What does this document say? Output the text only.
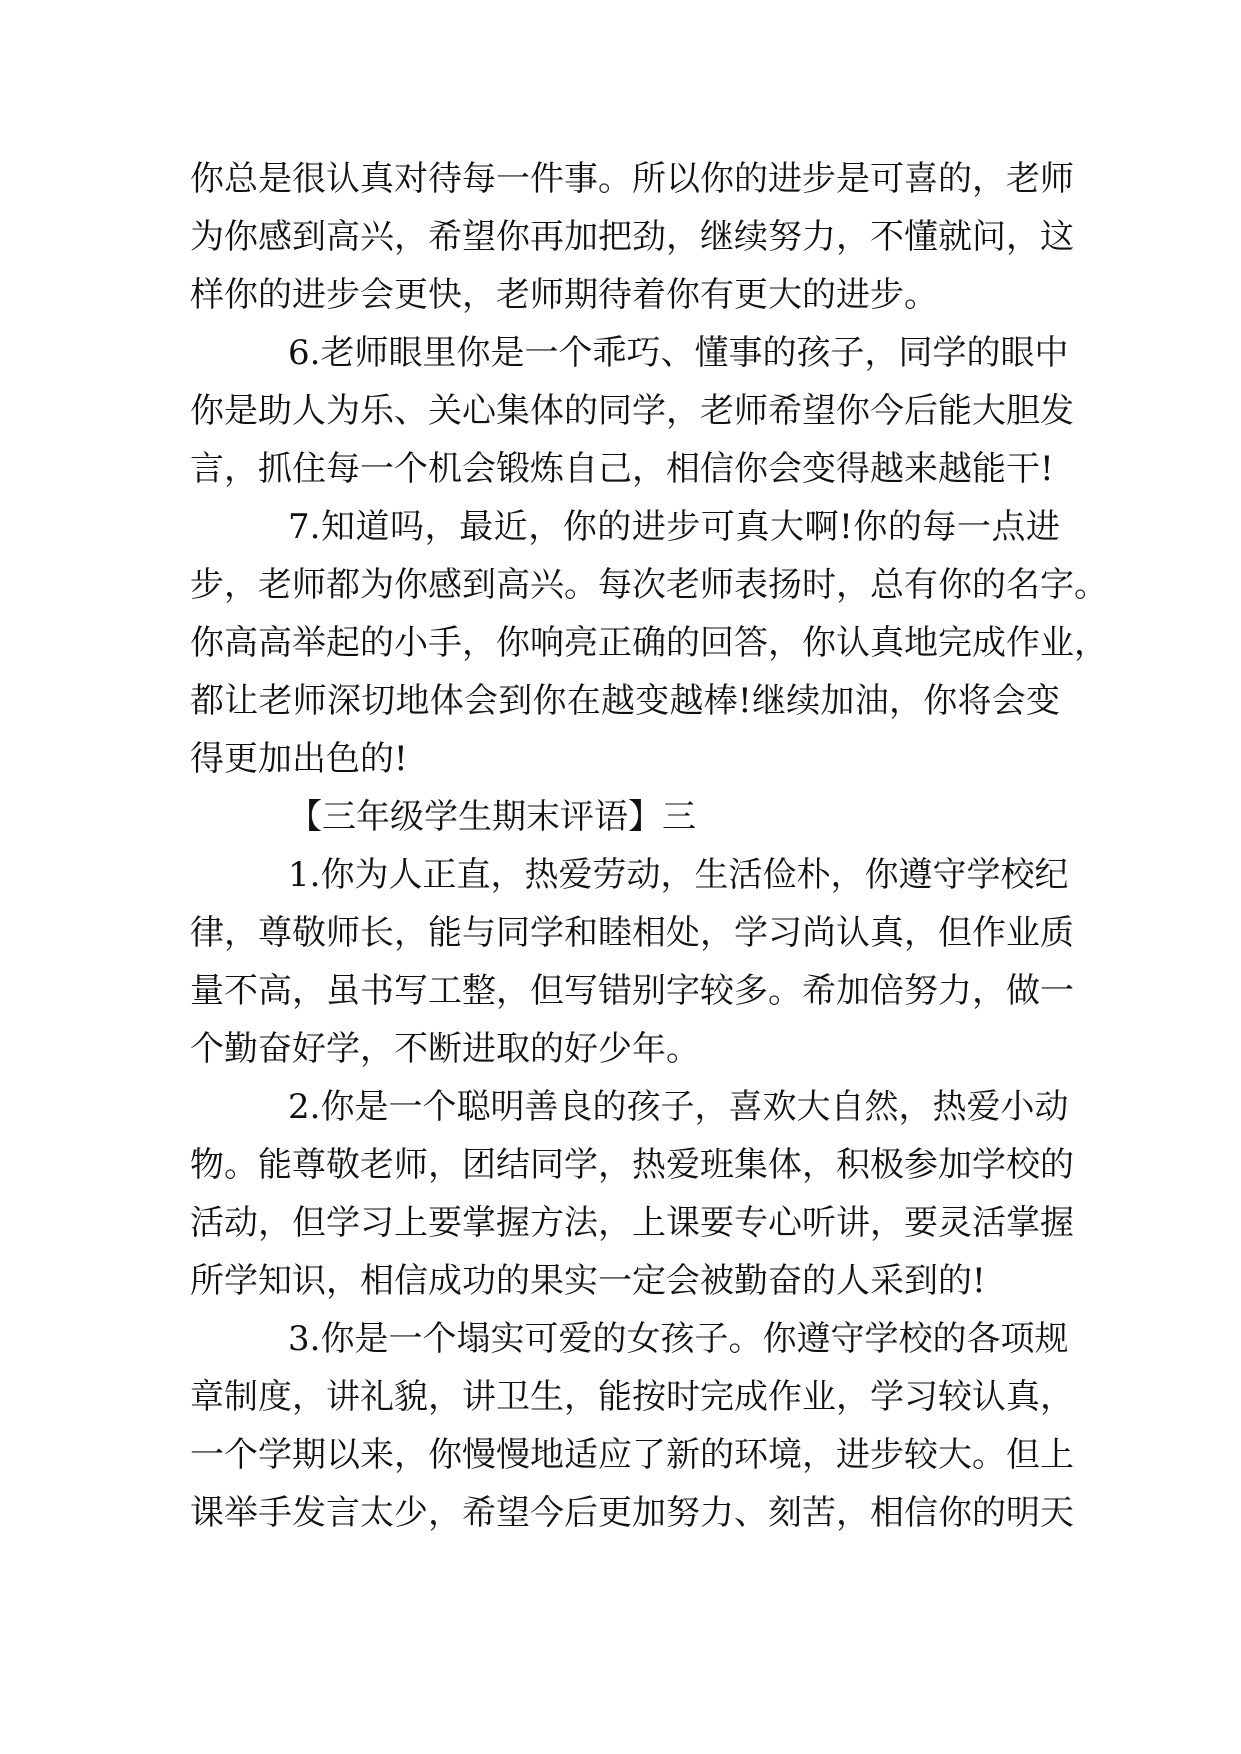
你总是很认真对待每一件事。所以你的进步是可喜的，老师
为你感到高兴，希望你再加把劲，继续努力，不懂就问，这
样你的进步会更快，老师期待着你有更大的进步。
6.老师眼里你是一个乖巧、懂事的孩子，同学的眼中
你是助人为乐、关心集体的同学，老师希望你今后能大胆发
言，抓住每一个机会锻炼自己，相信你会变得越来越能干!
7.知道吗，最近，你的进步可真大啊!你的每一点进
步，老师都为你感到高兴。每次老师表扬时，总有你的名字。
你高高举起的小手，你响亮正确的回答，你认真地完成作业，
都让老师深切地体会到你在越变越棒!继续加油，你将会变
得更加出色的!
【三年级学生期末评语】三
1.你为人正直，热爱劳动，生活俭朴，你遵守学校纪
律，尊敬师长，能与同学和睦相处，学习尚认真，但作业质
量不高，虽书写工整，但写错别字较多。希加倍努力，做一
个勤奋好学，不断进取的好少年。
2.你是一个聪明善良的孩子，喜欢大自然，热爱小动
物。能尊敬老师，团结同学，热爱班集体，积极参加学校的
活动，但学习上要掌握方法，上课要专心听讲，要灵活掌握
所学知识，相信成功的果实一定会被勤奋的人采到的!
3.你是一个塌实可爱的女孩子。你遵守学校的各项规
章制度，讲礼貌，讲卫生，能按时完成作业，学习较认真，
一个学期以来，你慢慢地适应了新的环境，进步较大。但上
课举手发言太少，希望今后更加努力、刻苦，相信你的明天
